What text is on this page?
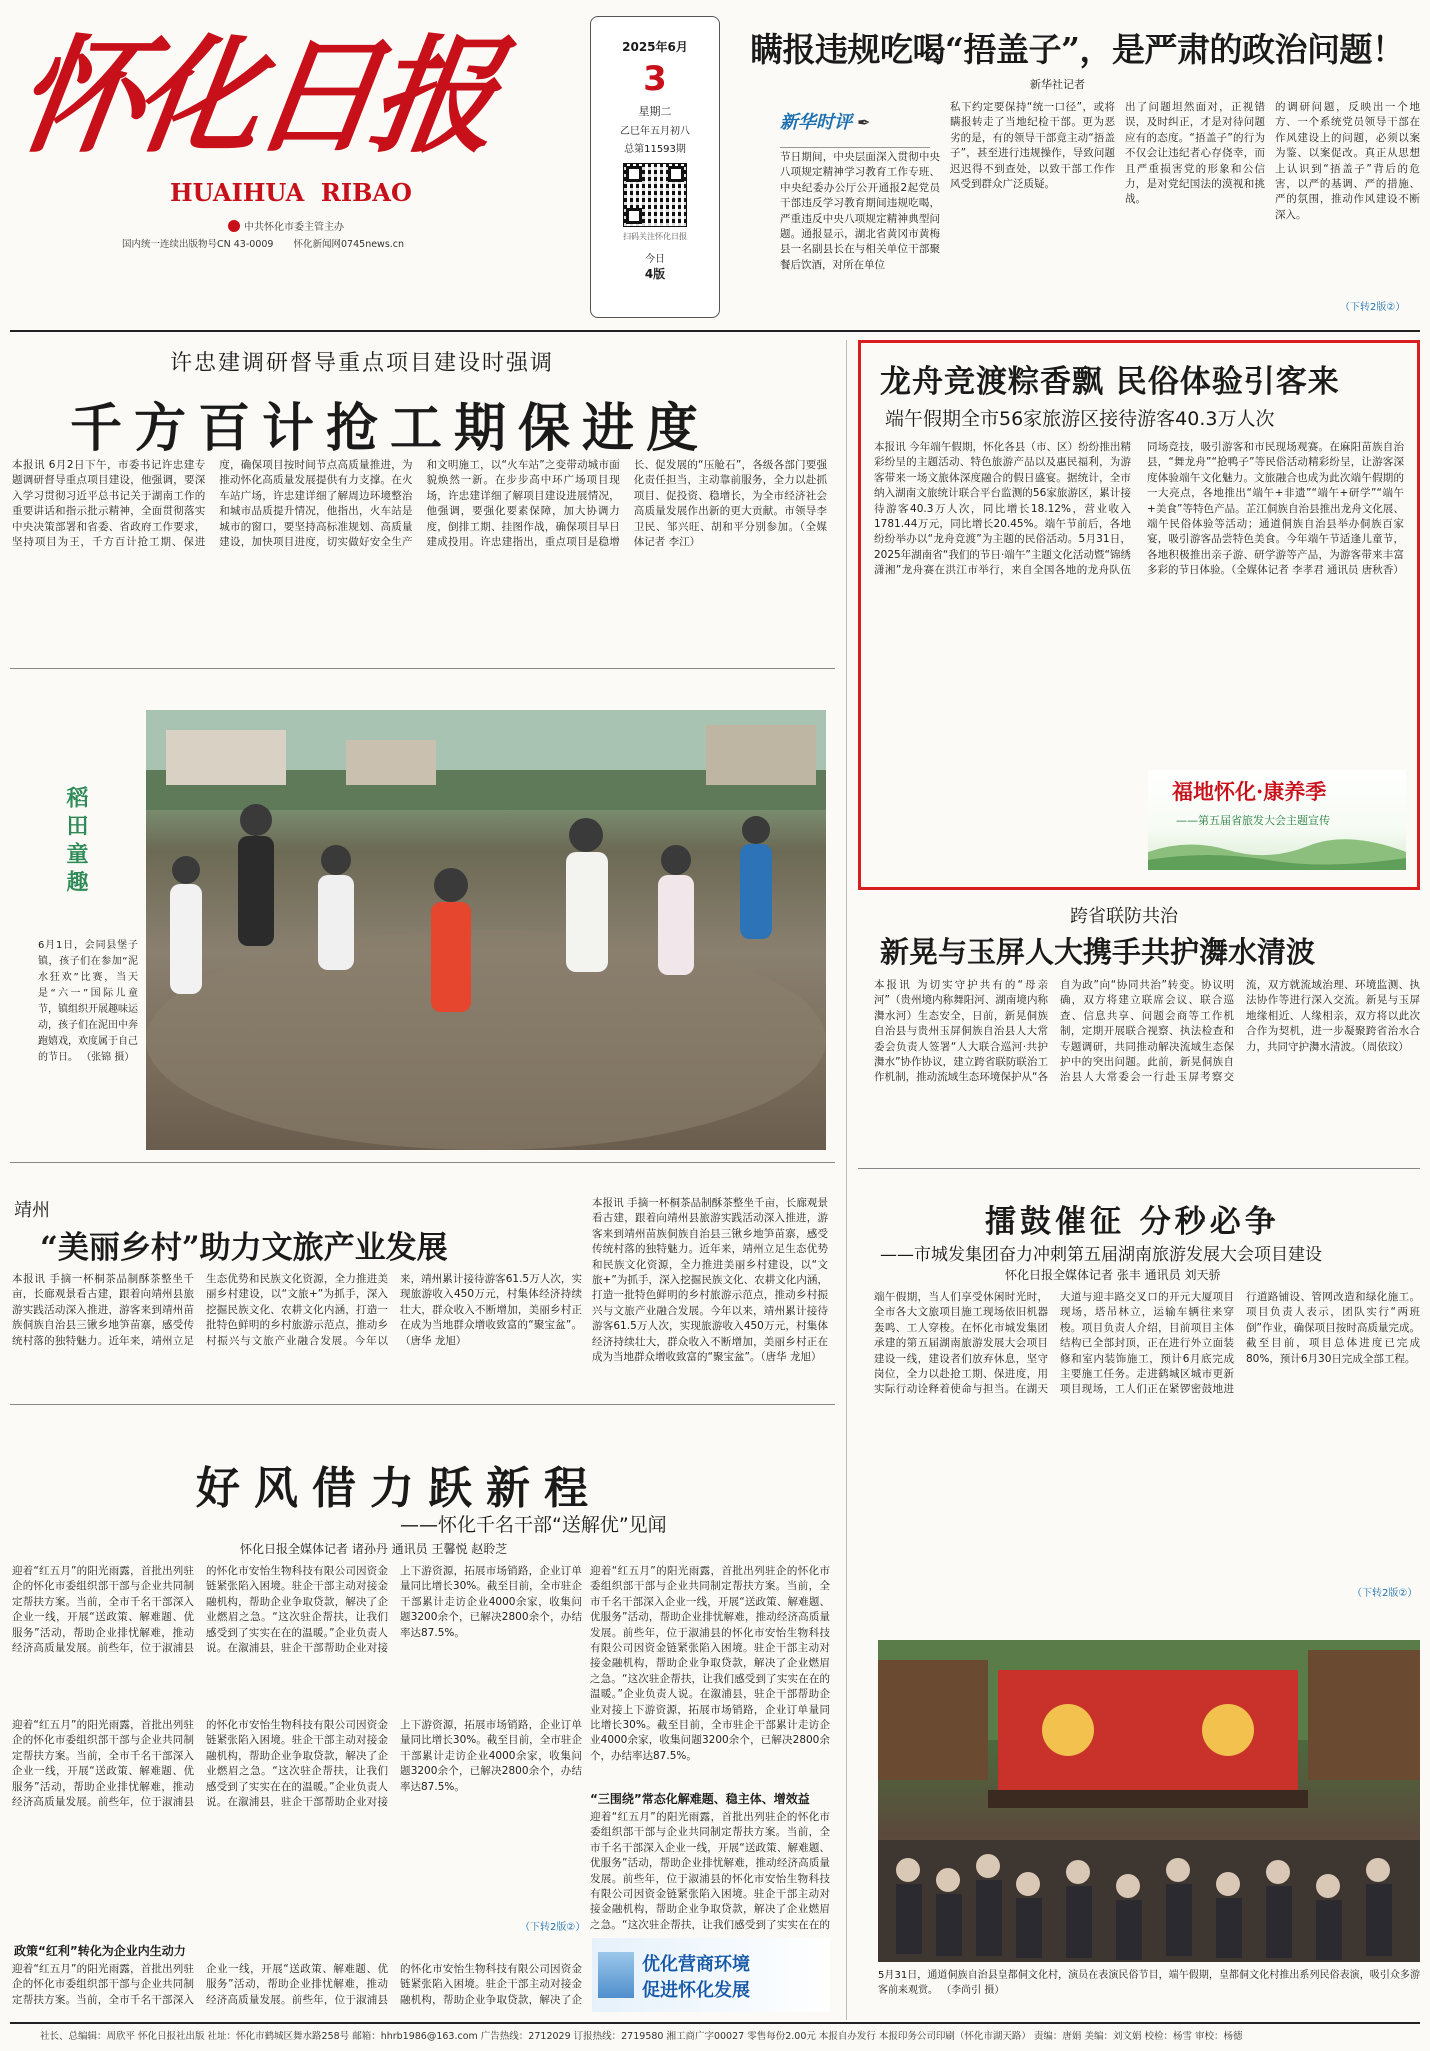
怀化日报
HUAIHUA  RIBAO
中共怀化市委主管主办
国内统一连续出版物号CN 43-0009 怀化新闻网0745news.cn
2025年6月
3
星期二
乙巳年五月初八
总第11593期
扫码关注怀化日报
今日
4版
瞒报违规吃喝“捂盖子”，是严肃的政治问题！
新华社记者
新华时评 ✒
节日期间，中央层面深入贯彻中央八项规定精神学习教育工作专班、中央纪委办公厅公开通报2起党员干部违反学习教育期间违规吃喝，严重违反中央八项规定精神典型问题。通报显示，湖北省黄冈市黄梅县一名副县长在与相关单位干部聚餐后饮酒，对所在单位
私下约定要保持“统一口径”，或将瞒报转走了当地纪检干部。更为恶劣的是，有的领导干部竟主动“捂盖子”，甚至进行违规操作，导致问题迟迟得不到查处，以致干部工作作风受到群众广泛质疑。
出了问题坦然面对，正视错误，及时纠正，才是对待问题应有的态度。“捂盖子”的行为不仅会让违纪者心存侥幸，而且严重损害党的形象和公信力，是对党纪国法的漠视和挑战。
的调研问题，反映出一个地方、一个系统党员领导干部在作风建设上的问题，必须以案为鉴、以案促改。真正从思想上认识到“捂盖子”背后的危害，以严的基调、严的措施、严的氛围，推动作风建设不断深入。
（下转2版②）
许忠建调研督导重点项目建设时强调
千方百计抢工期保进度
本报讯 6月2日下午，市委书记许忠建专题调研督导重点项目建设，他强调，要深入学习贯彻习近平总书记关于湖南工作的重要讲话和指示批示精神，全面贯彻落实中央决策部署和省委、省政府工作要求，坚持项目为王，千方百计抢工期、保进度，确保项目按时间节点高质量推进，为推动怀化高质量发展提供有力支撑。在火车站广场，许忠建详细了解周边环境整治和城市品质提升情况，他指出，火车站是城市的窗口，要坚持高标准规划、高质量建设，加快项目进度，切实做好安全生产和文明施工，以“火车站”之变带动城市面貌焕然一新。在步步高中环广场项目现场，许忠建详细了解项目建设进展情况，他强调，要强化要素保障，加大协调力度，倒排工期、挂图作战，确保项目早日建成投用。许忠建指出，重点项目是稳增长、促发展的“压舱石”，各级各部门要强化责任担当，主动靠前服务，全力以赴抓项目、促投资、稳增长，为全市经济社会高质量发展作出新的更大贡献。市领导李卫民、邹兴旺、胡和平分别参加。（全媒体记者 李江）
稻田童趣
6月1日，会同县堡子镇，孩子们在参加“泥水狂欢”比赛，当天是“六一”国际儿童节，镇组织开展趣味运动，孩子们在泥田中奔跑嬉戏，欢度属于自己的节日。 （张锦 摄）
龙舟竞渡粽香飘 民俗体验引客来
端午假期全市56家旅游区接待游客40.3万人次
本报讯 今年端午假期，怀化各县（市、区）纷纷推出精彩纷呈的主题活动、特色旅游产品以及惠民福利，为游客带来一场文旅体深度融合的假日盛宴。据统计，全市纳入湖南文旅统计联合平台监测的56家旅游区，累计接待游客40.3万人次，同比增长18.12%，营业收入1781.44万元，同比增长20.45%。端午节前后，各地纷纷举办以“龙舟竞渡”为主题的民俗活动。5月31日，2025年湖南省“我们的节日·端午”主题文化活动暨“锦绣潇湘”龙舟赛在洪江市举行，来自全国各地的龙舟队伍同场竞技，吸引游客和市民现场观赛。在麻阳苗族自治县，“舞龙舟”“抢鸭子”等民俗活动精彩纷呈，让游客深度体验端午文化魅力。文旅融合也成为此次端午假期的一大亮点，各地推出“端午+非遗”“端午+研学”“端午+美食”等特色产品。芷江侗族自治县推出龙舟文化展、端午民俗体验等活动；通道侗族自治县举办侗族百家宴，吸引游客品尝特色美食。今年端午节适逢儿童节，各地积极推出亲子游、研学游等产品，为游客带来丰富多彩的节日体验。（全媒体记者 李孝君 通讯员 唐秋香）
福地怀化·康养季
——第五届省旅发大会主题宣传
跨省联防共治
新晃与玉屏人大携手共护㵲水清波
本报讯 为切实守护共有的“母亲河”（贵州境内称舞阳河、湖南境内称㵲水河）生态安全，日前，新晃侗族自治县与贵州玉屏侗族自治县人大常委会负责人签署“人大联合巡河·共护㵲水”协作协议，建立跨省联防联治工作机制，推动流域生态环境保护从“各自为政”向“协同共治”转变。协议明确，双方将建立联席会议、联合巡查、信息共享、问题会商等工作机制，定期开展联合视察、执法检查和专题调研，共同推动解决流域生态保护中的突出问题。此前，新晃侗族自治县人大常委会一行赴玉屏考察交流，双方就流域治理、环境监测、执法协作等进行深入交流。新晃与玉屏地缘相近、人缘相亲，双方将以此次合作为契机，进一步凝聚跨省治水合力，共同守护㵲水清波。（周依玟）
靖州
“美丽乡村”助力文旅产业发展
本报讯 手摘一杯桐茶品制酥茶整坐千亩，长廊观景看古建，跟着向靖州县旅游实践活动深入推进，游客来到靖州苗族侗族自治县三锹乡地笋苗寨，感受传统村落的独特魅力。近年来，靖州立足生态优势和民族文化资源，全力推进美丽乡村建设，以“文旅+”为抓手，深入挖掘民族文化、农耕文化内涵，打造一批特色鲜明的乡村旅游示范点，推动乡村振兴与文旅产业融合发展。今年以来，靖州累计接待游客61.5万人次，实现旅游收入450万元，村集体经济持续壮大，群众收入不断增加，美丽乡村正在成为当地群众增收致富的“聚宝盆”。（唐华 龙旭）
本报讯 手摘一杯桐茶品制酥茶整坐千亩，长廊观景看古建，跟着向靖州县旅游实践活动深入推进，游客来到靖州苗族侗族自治县三锹乡地笋苗寨，感受传统村落的独特魅力。近年来，靖州立足生态优势和民族文化资源，全力推进美丽乡村建设，以“文旅+”为抓手，深入挖掘民族文化、农耕文化内涵，打造一批特色鲜明的乡村旅游示范点，推动乡村振兴与文旅产业融合发展。今年以来，靖州累计接待游客61.5万人次，实现旅游收入450万元，村集体经济持续壮大，群众收入不断增加，美丽乡村正在成为当地群众增收致富的“聚宝盆”。（唐华 龙旭）
擂鼓催征 分秒必争
——市城发集团奋力冲刺第五届湖南旅游发展大会项目建设
怀化日报全媒体记者 张丰 通讯员 刘天骄
端午假期，当人们享受休闲时光时，全市各大文旅项目施工现场依旧机器轰鸣、工人穿梭。在怀化市城发集团承建的第五届湖南旅游发展大会项目建设一线，建设者们放弃休息，坚守岗位，全力以赴抢工期、保进度，用实际行动诠释着使命与担当。在湖天大道与迎丰路交叉口的开元大厦项目现场，塔吊林立，运输车辆往来穿梭。项目负责人介绍，目前项目主体结构已全部封顶，正在进行外立面装修和室内装饰施工，预计6月底完成主要施工任务。走进鹤城区城市更新项目现场，工人们正在紧锣密鼓地进行道路铺设、管网改造和绿化施工。项目负责人表示，团队实行“两班倒”作业，确保项目按时高质量完成。截至目前，项目总体进度已完成80%，预计6月30日完成全部工程。
（下转2版②）
好风借力跃新程
——怀化千名干部“送解优”见闻
怀化日报全媒体记者 诸孙丹 通讯员 王馨悦 赵聆芝
迎着“红五月”的阳光雨露，首批出列驻企的怀化市委组织部干部与企业共同制定帮扶方案。当前，全市千名干部深入企业一线，开展“送政策、解难题、优服务”活动，帮助企业排忧解难，推动经济高质量发展。前些年，位于淑浦县的怀化市安怡生物科技有限公司因资金链紧张陷入困境。驻企干部主动对接金融机构，帮助企业争取贷款，解决了企业燃眉之急。“这次驻企帮扶，让我们感受到了实实在在的温暖。”企业负责人说。在溆浦县，驻企干部帮助企业对接上下游资源，拓展市场销路，企业订单量同比增长30%。截至目前，全市驻企干部累计走访企业4000余家，收集问题3200余个，已解决2800余个，办结率达87.5%。
“三围绕”常态化解难题、稳主体、增效益
迎着“红五月”的阳光雨露，首批出列驻企的怀化市委组织部干部与企业共同制定帮扶方案。当前，全市千名干部深入企业一线，开展“送政策、解难题、优服务”活动，帮助企业排忧解难，推动经济高质量发展。前些年，位于淑浦县的怀化市安怡生物科技有限公司因资金链紧张陷入困境。驻企干部主动对接金融机构，帮助企业争取贷款，解决了企业燃眉之急。“这次驻企帮扶，让我们感受到了实实在在的温暖。”企业负责人说。在溆浦县，驻企干部帮助企业对接上下游资源，拓展市场销路，企业订单量同比增长30%。截至目前，全市驻企干部累计走访企业4000余家，收集问题3200余个，已解决2800余个，办结率达87.5%。
迎着“红五月”的阳光雨露，首批出列驻企的怀化市委组织部干部与企业共同制定帮扶方案。当前，全市千名干部深入企业一线，开展“送政策、解难题、优服务”活动，帮助企业排忧解难，推动经济高质量发展。前些年，位于淑浦县的怀化市安怡生物科技有限公司因资金链紧张陷入困境。驻企干部主动对接金融机构，帮助企业争取贷款，解决了企业燃眉之急。“这次驻企帮扶，让我们感受到了实实在在的温暖。”企业负责人说。在溆浦县，驻企干部帮助企业对接上下游资源，拓展市场销路，企业订单量同比增长30%。截至目前，全市驻企干部累计走访企业4000余家，收集问题3200余个，已解决2800余个，办结率达87.5%。
迎着“红五月”的阳光雨露，首批出列驻企的怀化市委组织部干部与企业共同制定帮扶方案。当前，全市千名干部深入企业一线，开展“送政策、解难题、优服务”活动，帮助企业排忧解难，推动经济高质量发展。前些年，位于淑浦县的怀化市安怡生物科技有限公司因资金链紧张陷入困境。驻企干部主动对接金融机构，帮助企业争取贷款，解决了企业燃眉之急。“这次驻企帮扶，让我们感受到了实实在在的
政策“红利”转化为企业内生动力
迎着“红五月”的阳光雨露，首批出列驻企的怀化市委组织部干部与企业共同制定帮扶方案。当前，全市千名干部深入企业一线，开展“送政策、解难题、优服务”活动，帮助企业排忧解难，推动经济高质量发展。前些年，位于淑浦县的怀化市安怡生物科技有限公司因资金链紧张陷入困境。驻企干部主动对接金融机构，帮助企业争取贷款，解决了企
（下转2版②）
优化营商环境
促进怀化发展
5月31日，通道侗族自治县皇都侗文化村，演员在表演民俗节目，端午假期，皇都侗文化村推出系列民俗表演，吸引众多游客前来观赏。 （李尚引 摄）
社长、总编辑：周欣平 怀化日报社出版 社址：怀化市鹤城区舞水路258号 邮箱：hhrb1986@163.com 广告热线：2712029 订报热线：2719580 湘工商广字00027 零售每份2.00元 本报自办发行 本报印务公司印刷（怀化市湖天路） 责编：唐娟 美编：刘文娟 校检：杨雪 审校：杨德
